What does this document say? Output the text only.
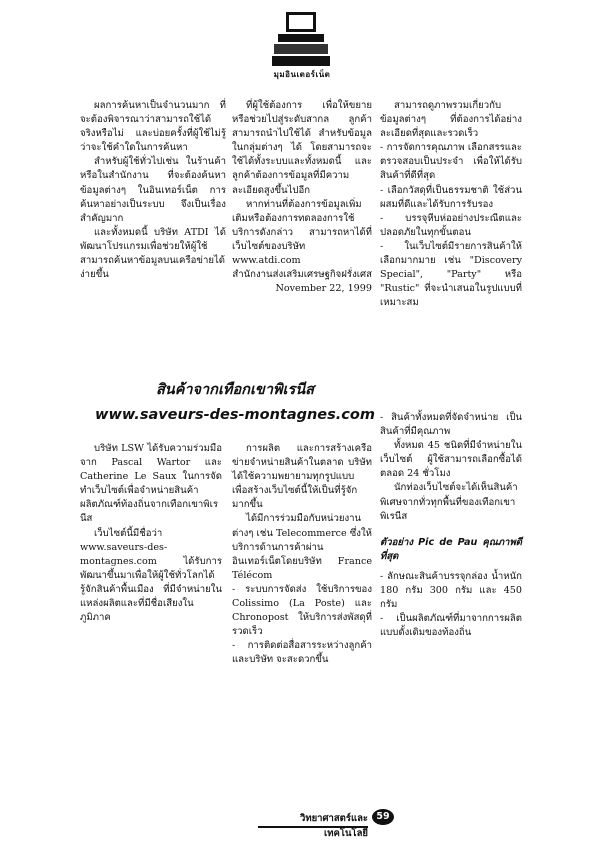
มุมอินเตอร์เน็ต

ผลการค้นหาเป็นจำนวนมาก ที่จะต้องพิจารณาว่าสามารถใช้ได้จริงหรือไม่ และบ่อยครั้งที่ผู้ใช้ไม่รู้ว่าจะใช้คำใดในการค้นหา

สำหรับผู้ใช้ทั่วไปเช่น ในร้านค้าหรือในสำนักงาน ที่จะต้องค้นหาข้อมูลต่างๆ ในอินเทอร์เน็ต การค้นหาอย่างเป็นระบบ จึงเป็นเรื่องสำคัญมาก

และทั้งหมดนี้ บริษัท ATDI ได้พัฒนาโปรแกรมเพื่อช่วยให้ผู้ใช้สามารถค้นหาข้อมูลบนเครือข่ายได้ง่ายขึ้น

ที่ผู้ใช้ต้องการ เพื่อให้ขยายหรือช่วยไปสู่ระดับสากล ลูกค้าสามารถนำไปใช้ได้ สำหรับข้อมูลในกลุ่มต่างๆ ได้ โดยสามารถจะใช้ได้ทั้งระบบและทั้งหมดนี้ และลูกค้าต้องการข้อมูลที่มีความละเอียดสูงขึ้นไปอีก

หากท่านที่ต้องการข้อมูลเพิ่มเติมหรือต้องการทดลองการใช้บริการดังกล่าว สามารถหาได้ที่เว็บไซต์ของบริษัท www.atdi.com

สำนักงานส่งเสริมเศรษฐกิจฝรั่งเศส

November 22, 1999

สามารถดูภาพรวมเกี่ยวกับข้อมูลต่างๆ ที่ต้องการได้อย่างละเอียดที่สุดและรวดเร็ว

- การจัดการคุณภาพ เลือกสรรและตรวจสอบเป็นประจำ เพื่อให้ได้รับสินค้าที่ดีที่สุด

- เลือกวัสดุที่เป็นธรรมชาติ ใช้ส่วนผสมที่ดีและได้รับการรับรอง

- บรรจุหีบห่ออย่างประณีตและปลอดภัยในทุกขั้นตอน

- ในเว็บไซต์มีรายการสินค้าให้เลือกมากมาย เช่น "Discovery Special", "Party" หรือ "Rustic" ที่จะนำเสนอในรูปแบบที่เหมาะสม

สินค้าจากเทือกเขาพิเรนีส
www.saveurs-des-montagnes.com

บริษัท LSW ได้รับความร่วมมือจาก Pascal Wartor และ Catherine Le Saux ในการจัดทำเว็บไซต์เพื่อจำหน่ายสินค้าผลิตภัณฑ์ท้องถิ่นจากเทือกเขาพิเรนีส

เว็บไซต์นี้มีชื่อว่า www.saveurs-des-montagnes.com ได้รับการพัฒนาขึ้นมาเพื่อให้ผู้ใช้ทั่วโลกได้รู้จักสินค้าพื้นเมือง ที่มีจำหน่ายในแหล่งผลิตและที่มีชื่อเสียงในภูมิภาค

การผลิต และการสร้างเครือข่ายจำหน่ายสินค้าในตลาด บริษัทได้ใช้ความพยายามทุกรูปแบบ เพื่อสร้างเว็บไซต์นี้ให้เป็นที่รู้จักมากขึ้น

ได้มีการร่วมมือกับหน่วยงานต่างๆ เช่น Telecommerce ซึ่งให้บริการด้านการค้าผ่านอินเทอร์เน็ตโดยบริษัท France Télécom

- ระบบการจัดส่ง ใช้บริการของ Colissimo (La Poste) และ Chronopost ให้บริการส่งพัสดุที่รวดเร็ว

- การติดต่อสื่อสารระหว่างลูกค้าและบริษัท จะสะดวกขึ้น

- สินค้าทั้งหมดที่จัดจำหน่าย เป็นสินค้าที่มีคุณภาพ

ทั้งหมด 45 ชนิดที่มีจำหน่ายในเว็บไซต์ ผู้ใช้สามารถเลือกซื้อได้ตลอด 24 ชั่วโมง

นักท่องเว็บไซต์จะได้เห็นสินค้าพิเศษจากทั่วทุกพื้นที่ของเทือกเขาพิเรนีส

ตัวอย่าง Pic de Pau คุณภาพดีที่สุด

- ลักษณะสินค้าบรรจุกล่อง น้ำหนัก 180 กรัม 300 กรัม และ 450 กรัม

- เป็นผลิตภัณฑ์ที่มาจากการผลิตแบบดั้งเดิมของท้องถิ่น

วิทยาศาสตร์และเทคโนโลยี
59
